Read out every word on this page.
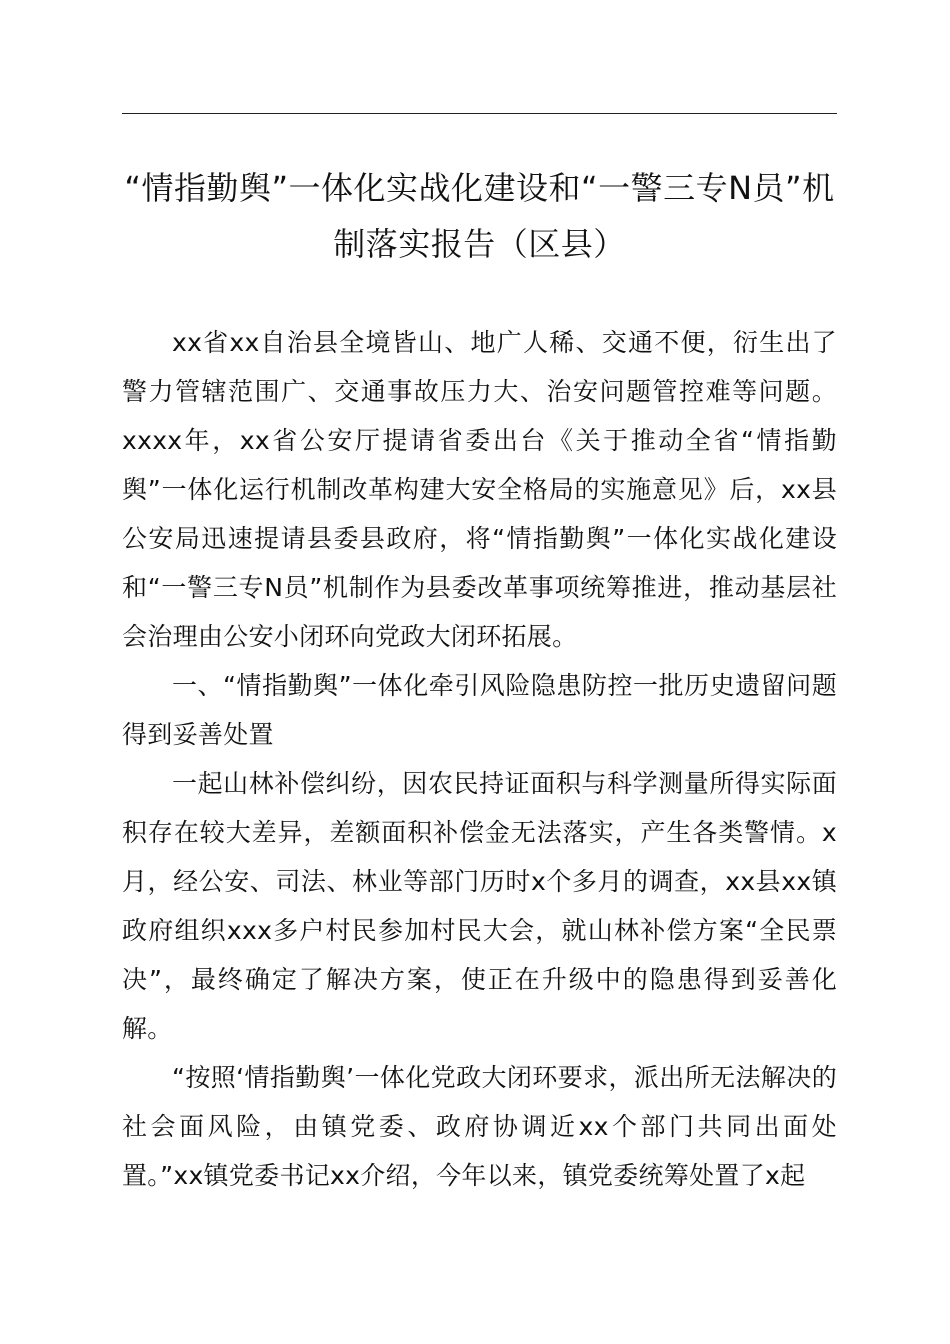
“情指勤舆”一体化实战化建设和“一警三专N员”机制落实报告（区县）

xx省xx自治县全境皆山、地广人稀、交通不便，衍生出了警力管辖范围广、交通事故压力大、治安问题管控难等问题。xxxx年，xx省公安厅提请省委出台《关于推动全省“情指勤舆”一体化运行机制改革构建大安全格局的实施意见》后，xx县公安局迅速提请县委县政府，将“情指勤舆”一体化实战化建设和“一警三专N员”机制作为县委改革事项统筹推进，推动基层社会治理由公安小闭环向党政大闭环拓展。

一、“情指勤舆”一体化牵引风险隐患防控一批历史遗留问题得到妥善处置

一起山林补偿纠纷，因农民持证面积与科学测量所得实际面积存在较大差异，差额面积补偿金无法落实，产生各类警情。x月，经公安、司法、林业等部门历时x个多月的调查，xx县xx镇政府组织xxx多户村民参加村民大会，就山林补偿方案“全民票决”，最终确定了解决方案，使正在升级中的隐患得到妥善化解。

“按照‘情指勤舆’一体化党政大闭环要求，派出所无法解决的社会面风险，由镇党委、政府协调近xx个部门共同出面处置。”xx镇党委书记xx介绍，今年以来，镇党委统筹处置了x起
